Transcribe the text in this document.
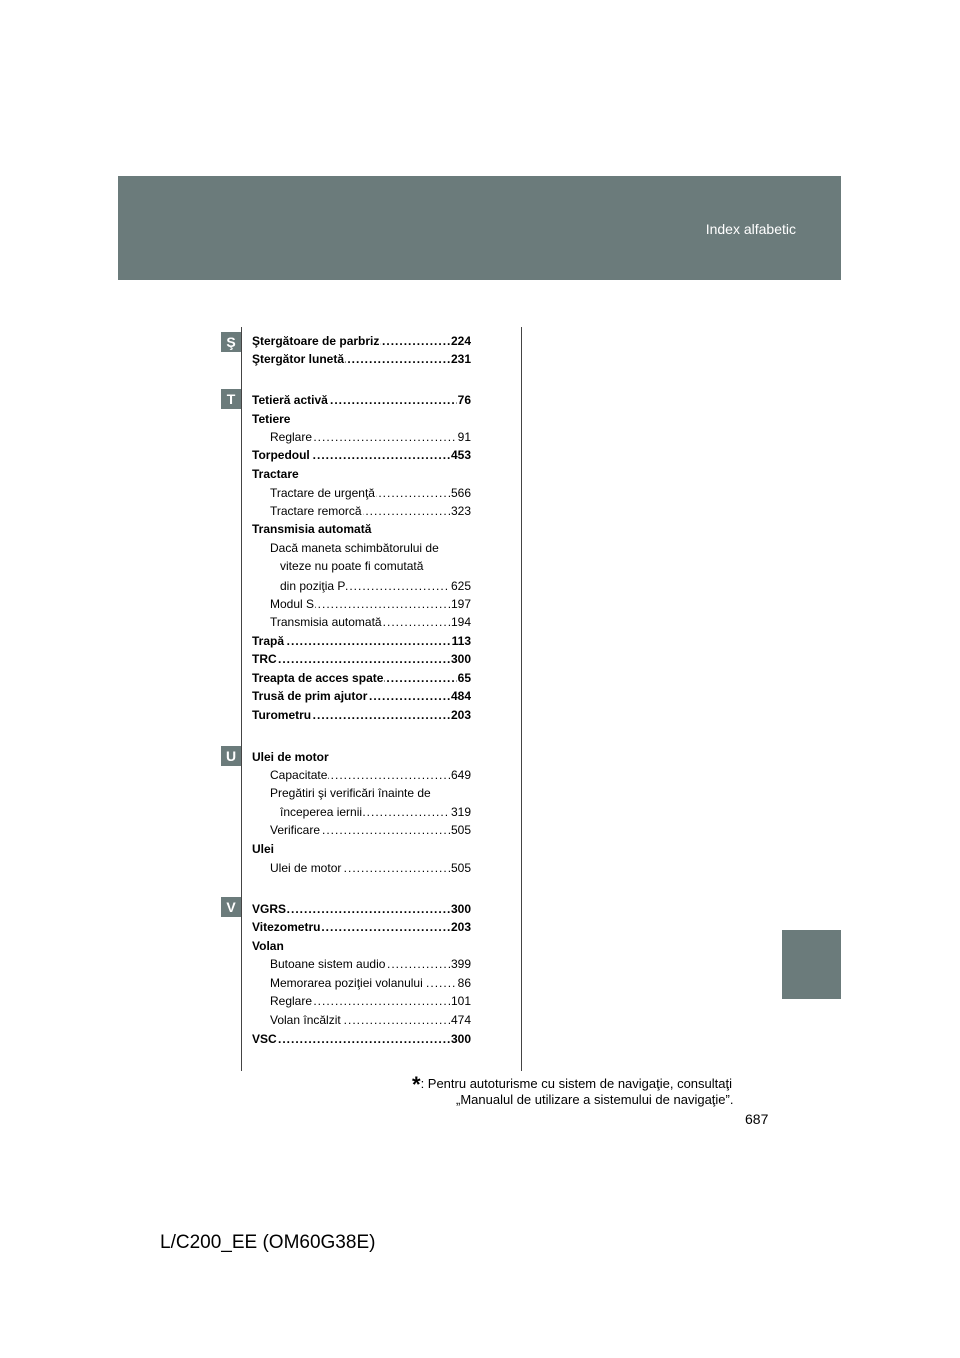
Index alfabetic
Ş
T
U
V
..... Ştergătoare de parbriz	224
..... Ştergător lunetă	231
..... Tetieră activă	76
Tetiere
..... Reglare	91
..... Torpedoul	453
Tractare
..... Tractare de urgenţă	566
..... Tractare remorcă	323
Transmisia automată
Dacă maneta schimbătorului de
viteze nu poate fi comutată
..... din poziţia P	625
..... Modul S	197
..... Transmisia automată	194
..... Trapă	113
..... TRC	300
..... Treapta de acces spate	65
..... Trusă de prim ajutor	484
..... Turometru	203
Ulei de motor
..... Capacitate	649
Pregătiri şi verificări înainte de
..... începerea iernii	319
..... Verificare	505
Ulei
..... Ulei de motor	505
..... VGRS	300
..... Vitezometru	203
Volan
..... Butoane sistem audio	399
..... Memorarea poziţiei volanului	86
..... Reglare	101
..... Volan încălzit	474
..... VSC	300
*: Pentru autoturisme cu sistem de navigaţie, consultaţi
„Manualul de utilizare a sistemului de navigaţie”.
687
L/C200_EE (OM60G38E)
